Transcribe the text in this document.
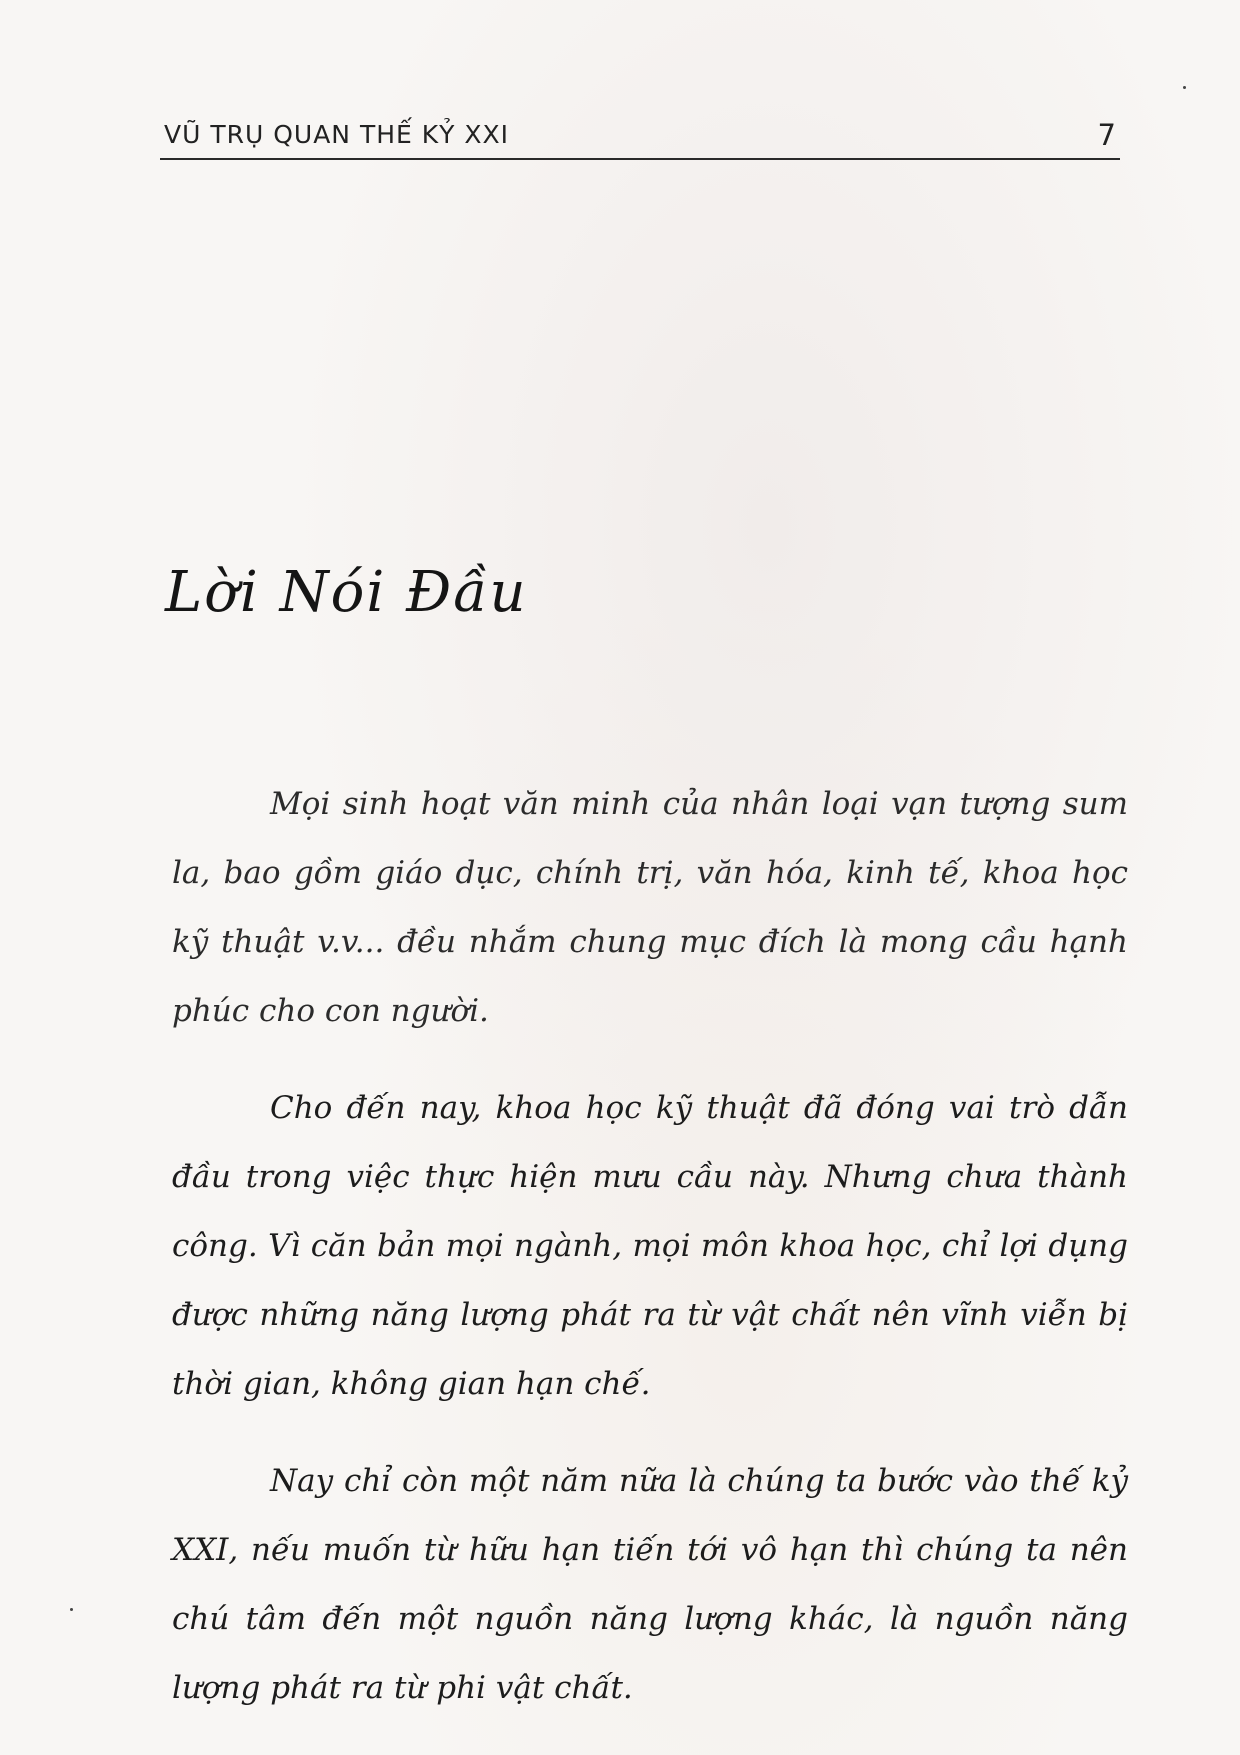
VŨ TRỤ QUAN THẾ KỶ XXI	7
Lời Nói Đầu

Mọi sinh hoạt văn minh của nhân loại vạn tượng sum la, bao gồm giáo dục, chính trị, văn hóa, kinh tế, khoa học kỹ thuật v.v... đều nhắm chung mục đích là mong cầu hạnh phúc cho con người.

Cho đến nay, khoa học kỹ thuật đã đóng vai trò dẫn đầu trong việc thực hiện mưu cầu này. Nhưng chưa thành công. Vì căn bản mọi ngành, mọi môn khoa học, chỉ lợi dụng được những năng lượng phát ra từ vật chất nên vĩnh viễn bị thời gian, không gian hạn chế.

Nay chỉ còn một năm nữa là chúng ta bước vào thế kỷ XXI, nếu muốn từ hữu hạn tiến tới vô hạn thì chúng ta nên chú tâm đến một nguồn năng lượng khác, là nguồn năng lượng phát ra từ phi vật chất.
